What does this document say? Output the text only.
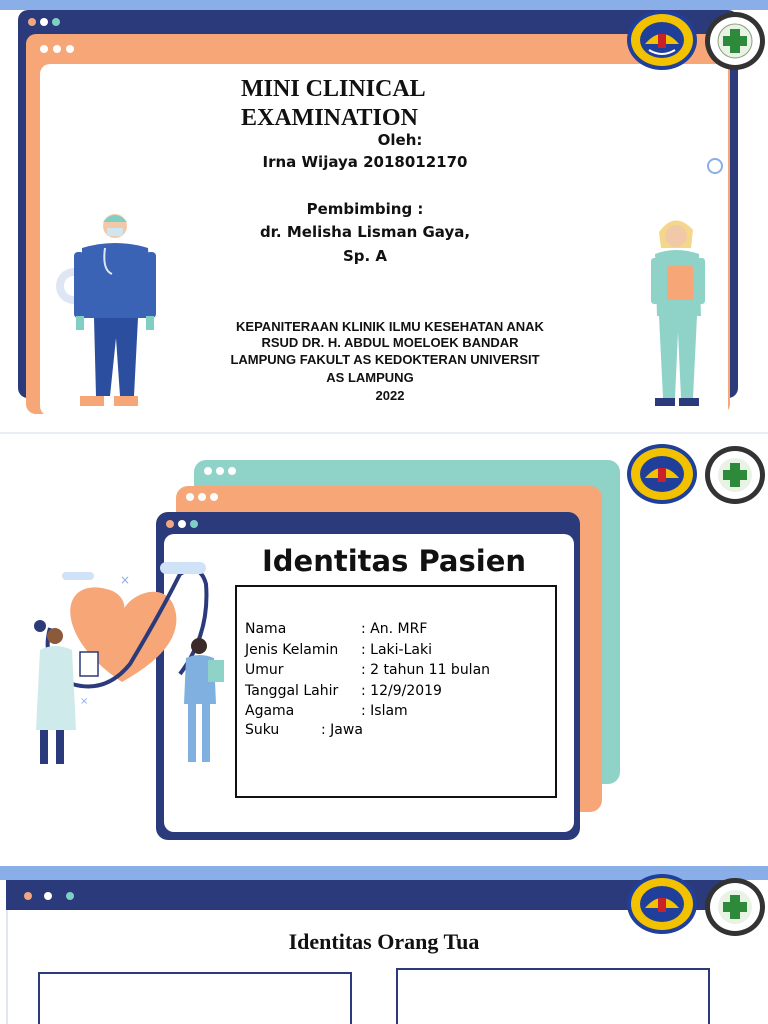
MINI CLINICAL
EXAMINATION
Oleh:
Irna Wijaya 2018012170
Pembimbing :
dr. Melisha Lisman Gaya,
Sp. A
KEPANITERAAN KLINIK ILMU KESEHATAN ANAK
RSUD DR. H. ABDUL MOELOEK BANDAR
LAMPUNG FAKULT AS KEDOKTERAN UNIVERSIT
AS LAMPUNG
2022
Identitas Pasien
Nama	: An. MRF
Jenis Kelamin	: Laki-Laki
Umur	: 2 tahun 11 bulan
Tanggal Lahir	: 12/9/2019
Agama	: Islam
Suku	: Jawa
×
×
Identitas Orang Tua
